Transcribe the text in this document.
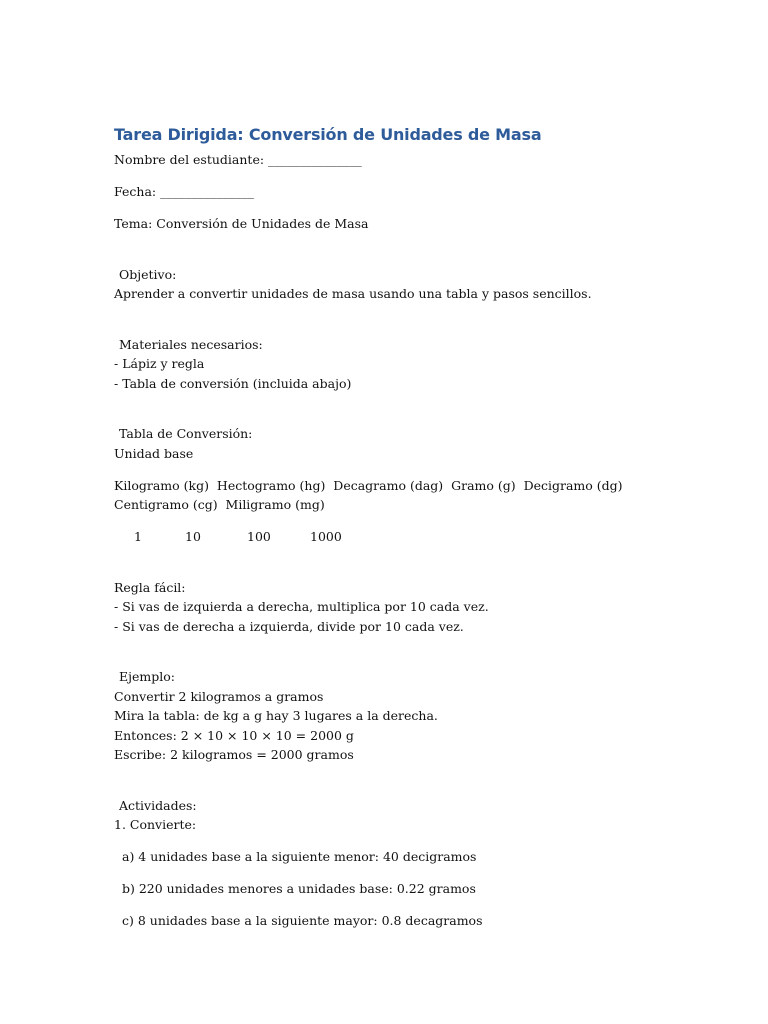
Tarea Dirigida: Conversión de Unidades de Masa

Nombre del estudiante: _______________

Fecha: _______________

Tema: Conversión de Unidades de Masa

Objetivo:

Aprender a convertir unidades de masa usando una tabla y pasos sencillos.

Materiales necesarios:

- Lápiz y regla

- Tabla de conversión (incluida abajo)

Tabla de Conversión:

Unidad base

Kilogramo (kg)  Hectogramo (hg)  Decagramo (dag)  Gramo (g)  Decigramo (dg)

Centigramo (cg)  Miligramo (mg)

1	10	100	1000

Regla fácil:

- Si vas de izquierda a derecha, multiplica por 10 cada vez.

- Si vas de derecha a izquierda, divide por 10 cada vez.

Ejemplo:

Convertir 2 kilogramos a gramos

Mira la tabla: de kg a g hay 3 lugares a la derecha.

Entonces: 2 × 10 × 10 × 10 = 2000 g

Escribe: 2 kilogramos = 2000 gramos

Actividades:

1. Convierte:

a) 4 unidades base a la siguiente menor: 40 decigramos

b) 220 unidades menores a unidades base: 0.22 gramos

c) 8 unidades base a la siguiente mayor: 0.8 decagramos
